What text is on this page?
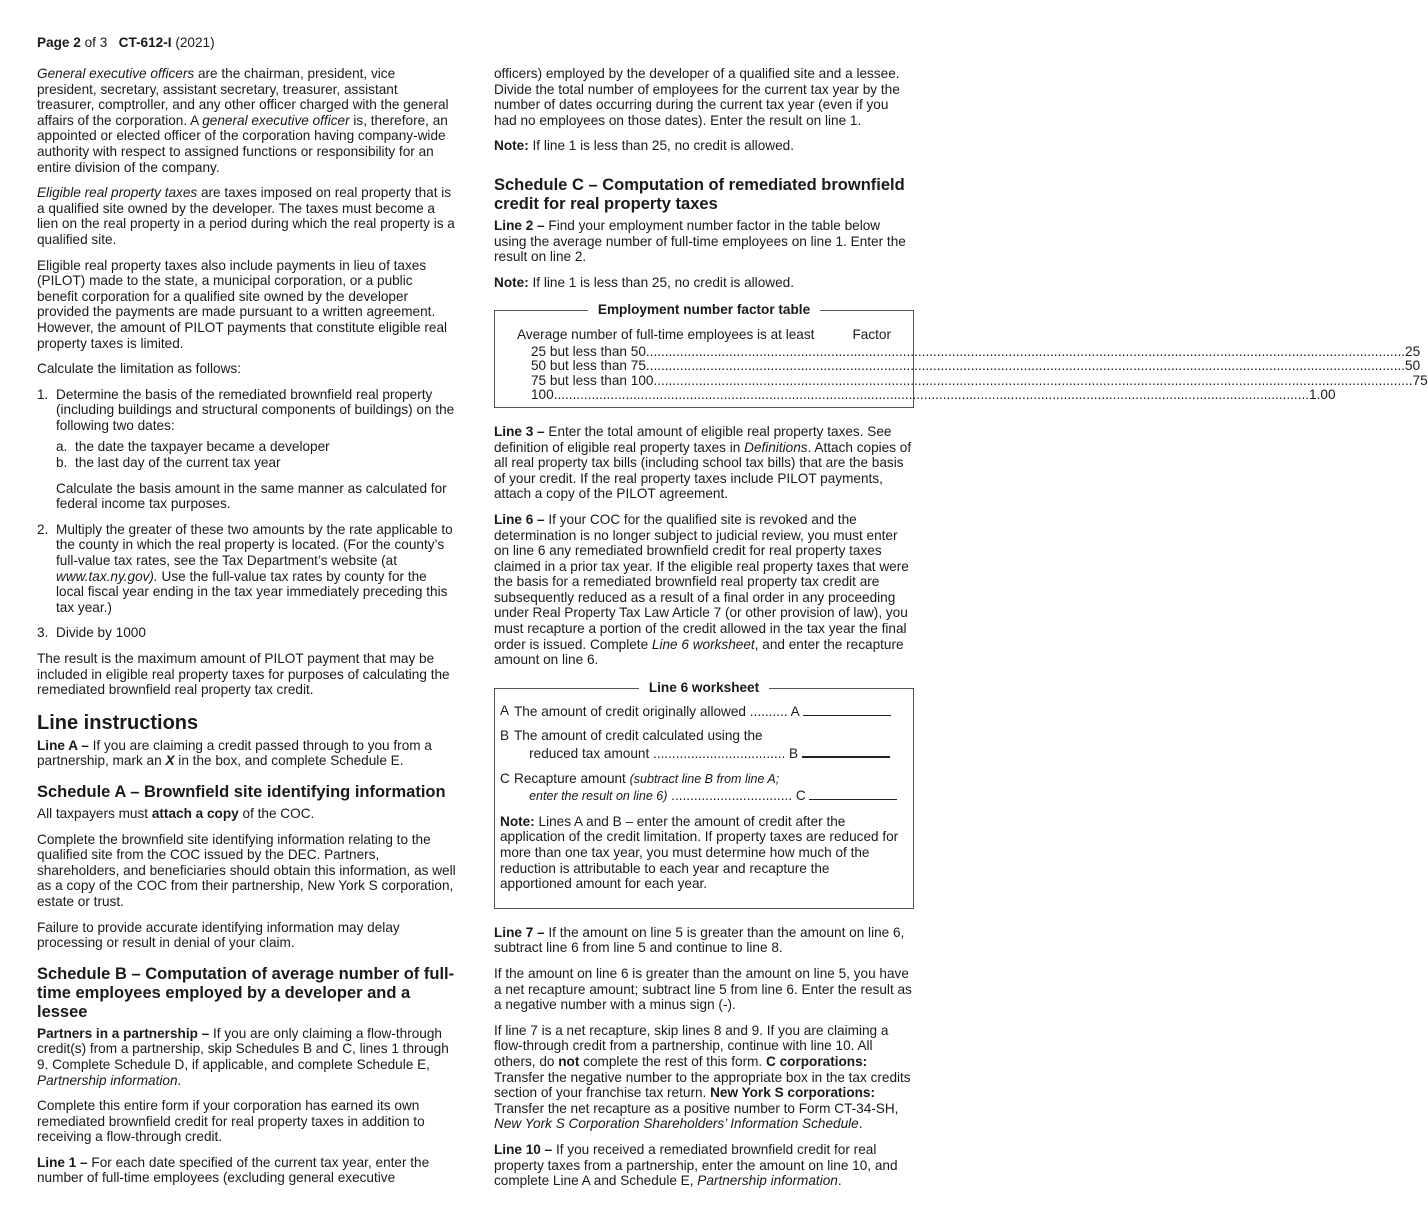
Page 2 of 3 CT-612-I (2021)

General executive officers are the chairman, president, vice president, secretary, assistant secretary, treasurer, assistant treasurer, comptroller, and any other officer charged with the general affairs of the corporation. A general executive officer is, therefore, an appointed or elected officer of the corporation having company-wide authority with respect to assigned functions or responsibility for an entire division of the company.

Eligible real property taxes are taxes imposed on real property that is a qualified site owned by the developer. The taxes must become a lien on the real property in a period during which the real property is a qualified site.

Eligible real property taxes also include payments in lieu of taxes (PILOT) made to the state, a municipal corporation, or a public benefit corporation for a qualified site owned by the developer provided the payments are made pursuant to a written agreement. However, the amount of PILOT payments that constitute eligible real property taxes is limited.

Calculate the limitation as follows:

1. Determine the basis of the remediated brownfield real property (including buildings and structural components of buildings) on the following two dates:
a. the date the taxpayer became a developer
b. the last day of the current tax year
Calculate the basis amount in the same manner as calculated for federal income tax purposes.
2. Multiply the greater of these two amounts by the rate applicable to the county in which the real property is located. (For the county’s full-value tax rates, see the Tax Department’s website (at www.tax.ny.gov). Use the full-value tax rates by county for the local fiscal year ending in the tax year immediately preceding this tax year.)
3. Divide by 1000

The result is the maximum amount of PILOT payment that may be included in eligible real property taxes for purposes of calculating the remediated brownfield real property tax credit.

Line instructions

Line A – If you are claiming a credit passed through to you from a partnership, mark an X in the box, and complete Schedule E.

Schedule A – Brownfield site identifying information

All taxpayers must attach a copy of the COC.

Complete the brownfield site identifying information relating to the qualified site from the COC issued by the DEC. Partners, shareholders, and beneficiaries should obtain this information, as well as a copy of the COC from their partnership, New York S corporation, estate or trust.

Failure to provide accurate identifying information may delay processing or result in denial of your claim.

Schedule B – Computation of average number of full-time employees employed by a developer and a lessee

Partners in a partnership – If you are only claiming a flow-through credit(s) from a partnership, skip Schedules B and C, lines 1 through 9. Complete Schedule D, if applicable, and complete Schedule E, Partnership information.

Complete this entire form if your corporation has earned its own remediated brownfield credit for real property taxes in addition to receiving a flow-through credit.

Line 1 – For each date specified of the current tax year, enter the number of full-time employees (excluding general executive

officers) employed by the developer of a qualified site and a lessee. Divide the total number of employees for the current tax year by the number of dates occurring during the current tax year (even if you had no employees on those dates). Enter the result on line 1.

Note: If line 1 is less than 25, no credit is allowed.

Schedule C – Computation of remediated brownfield credit for real property taxes

Line 2 – Find your employment number factor in the table below using the average number of full-time employees on line 1. Enter the result on line 2.

Note: If line 1 is less than 25, no credit is allowed.

Employment number factor table
Average number of full-time employees is at least	Factor
25 but less than 50 ........................................................................................................................................................................................................ .25
50 but less than 75 ........................................................................................................................................................................................................ .50
75 but less than 100 ........................................................................................................................................................................................................ .75
100 ........................................................................................................................................................................................................ 1.00

Line 3 – Enter the total amount of eligible real property taxes. See definition of eligible real property taxes in Definitions. Attach copies of all real property tax bills (including school tax bills) that are the basis of your credit. If the real property taxes include PILOT payments, attach a copy of the PILOT agreement.

Line 6 – If your COC for the qualified site is revoked and the determination is no longer subject to judicial review, you must enter on line 6 any remediated brownfield credit for real property taxes claimed in a prior tax year. If the eligible real property taxes that were the basis for a remediated brownfield real property tax credit are subsequently reduced as a result of a final order in any proceeding under Real Property Tax Law Article 7 (or other provision of law), you must recapture a portion of the credit allowed in the tax year the final order is issued. Complete Line 6 worksheet, and enter the recapture amount on line 6.

Line 6 worksheet
A The amount of credit originally allowed .......... A
B The amount of credit calculated using the
reduced tax amount ................................... B
C Recapture amount (subtract line B from line A;
enter the result on line 6) ................................ C

Note: Lines A and B – enter the amount of credit after the application of the credit limitation. If property taxes are reduced for more than one tax year, you must determine how much of the reduction is attributable to each year and recapture the apportioned amount for each year.

Line 7 – If the amount on line 5 is greater than the amount on line 6, subtract line 6 from line 5 and continue to line 8.

If the amount on line 6 is greater than the amount on line 5, you have a net recapture amount; subtract line 5 from line 6. Enter the result as a negative number with a minus sign (-).

If line 7 is a net recapture, skip lines 8 and 9. If you are claiming a flow-through credit from a partnership, continue with line 10. All others, do not complete the rest of this form. C corporations: Transfer the negative number to the appropriate box in the tax credits section of your franchise tax return. New York S corporations: Transfer the net recapture as a positive number to Form CT-34-SH, New York S Corporation Shareholders’ Information Schedule.

Line 10 – If you received a remediated brownfield credit for real property taxes from a partnership, enter the amount on line 10, and complete Line A and Schedule E, Partnership information.
